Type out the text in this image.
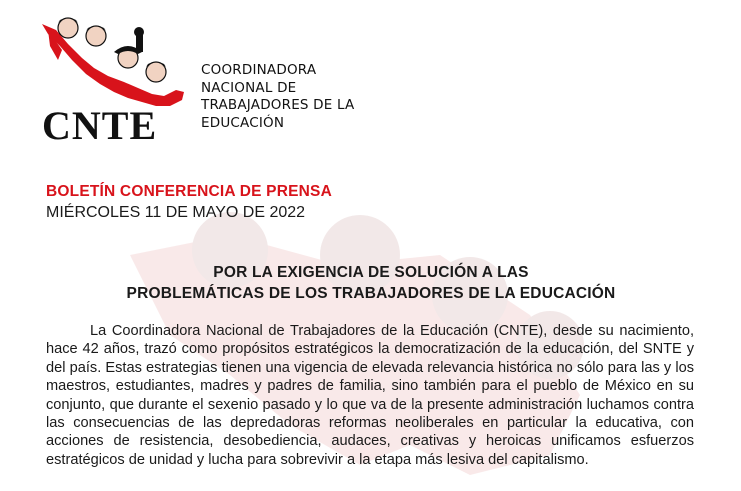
CNTE
COORDINADORA
NACIONAL DE
TRABAJADORES DE LA
EDUCACIÓN
BOLETÍN CONFERENCIA DE PRENSA
MIÉRCOLES 11 DE MAYO DE 2022
POR LA EXIGENCIA DE SOLUCIÓN A LAS
PROBLEMÁTICAS DE LOS TRABAJADORES DE LA EDUCACIÓN
La Coordinadora Nacional de Trabajadores de la Educación (CNTE), desde su nacimiento, hace 42 años, trazó como propósitos estratégicos la democratización de la educación, del SNTE y del país. Estas estrategias tienen una vigencia de elevada relevancia histórica no sólo para las y los maestros, estudiantes, madres y padres de familia, sino también para el pueblo de México en su conjunto, que durante el sexenio pasado y lo que va de la presente administración luchamos contra las consecuencias de las depredadoras reformas neoliberales en particular la educativa, con acciones de resistencia, desobediencia, audaces, creativas y heroicas unificamos esfuerzos estratégicos de unidad y lucha para sobrevivir a la etapa más lesiva del capitalismo.
